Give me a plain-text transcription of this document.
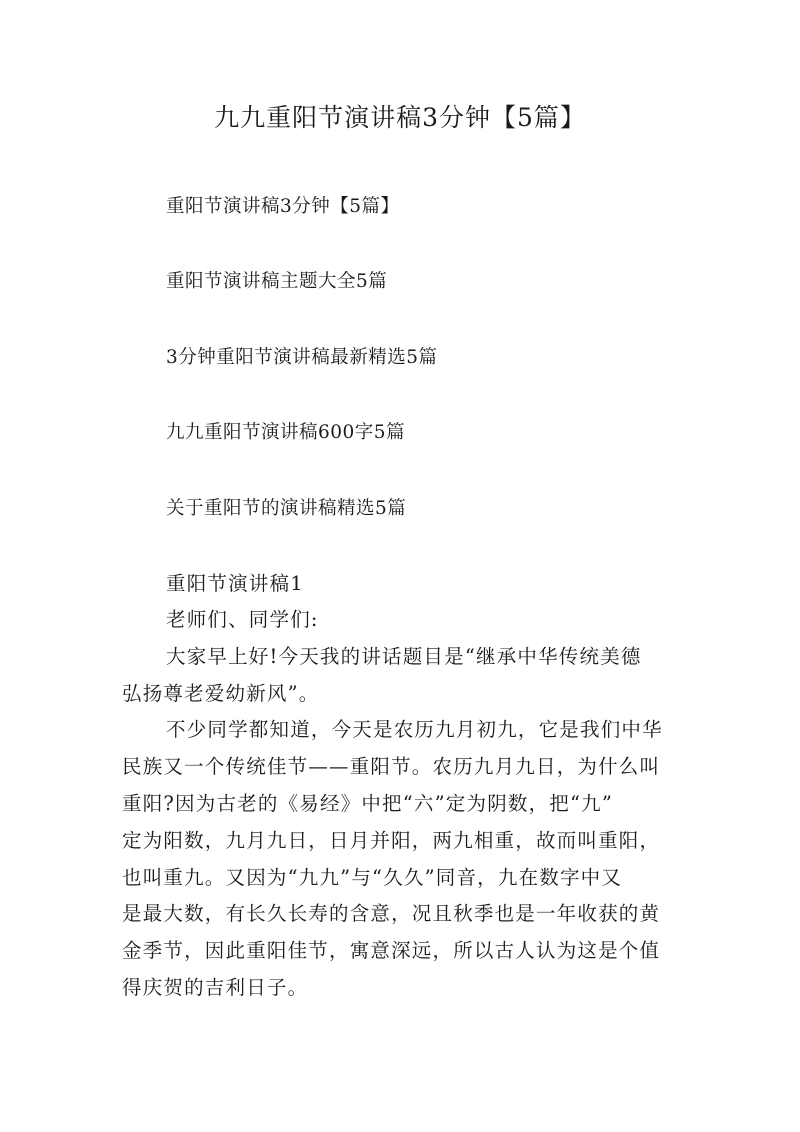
九九重阳节演讲稿3分钟【5篇】
重阳节演讲稿3分钟【5篇】
重阳节演讲稿主题大全5篇
3分钟重阳节演讲稿最新精选5篇
九九重阳节演讲稿600字5篇
关于重阳节的演讲稿精选5篇
重阳节演讲稿1
老师们、同学们:
大家早上好!今天我的讲话题目是“继承中华传统美德
弘扬尊老爱幼新风”。
不少同学都知道，今天是农历九月初九，它是我们中华
民族又一个传统佳节——重阳节。农历九月九日，为什么叫
重阳?因为古老的《易经》中把“六”定为阴数，把“九”
定为阳数，九月九日，日月并阳，两九相重，故而叫重阳，
也叫重九。又因为“九九”与“久久”同音，九在数字中又
是最大数，有长久长寿的含意，况且秋季也是一年收获的黄
金季节，因此重阳佳节，寓意深远，所以古人认为这是个值
得庆贺的吉利日子。
